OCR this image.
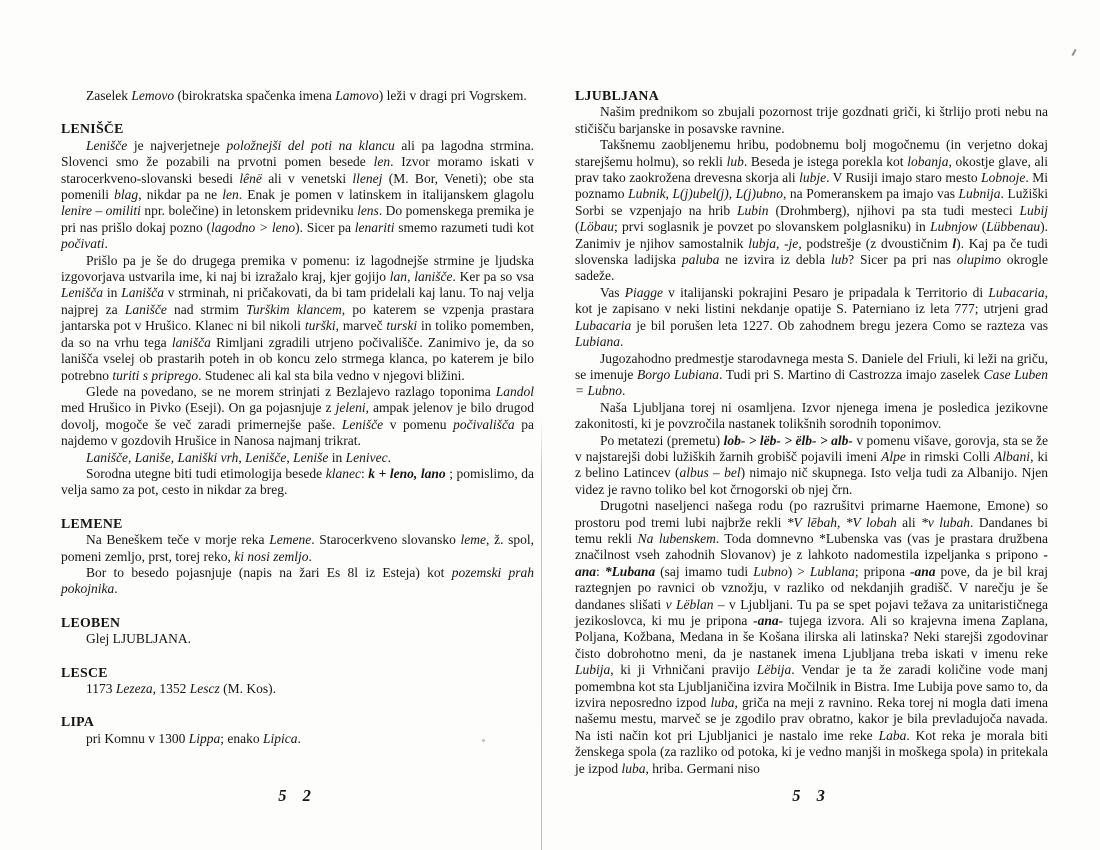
Zaselek Lemovo (birokratska spačenka imena Lamovo) leži v dragi pri Vogrskem.

LENIŠČE

Lenišče je najverjetneje položnejši del poti na klancu ali pa lagodna strmina. Slovenci smo že pozabili na prvotni pomen besede len. Izvor moramo iskati v starocerkveno-slovanski besedi lênë ali v venetski llenej (M. Bor, Veneti); obe sta pomenili blag, nikdar pa ne len. Enak je pomen v latinskem in italijanskem glagolu lenire – omiliti npr. bolečine) in letonskem pridevniku lens. Do pomenskega premika je pri nas prišlo dokaj pozno (lagodno > leno). Sicer pa lenariti smemo razumeti tudi kot počivati.

Prišlo pa je še do drugega premika v pomenu: iz lagodnejše strmine je ljudska izgovorjava ustvarila ime, ki naj bi izražalo kraj, kjer gojijo lan, lanišče. Ker pa so vsa Lenišča in Lanišča v strminah, ni pričakovati, da bi tam pridelali kaj lanu. To naj velja najprej za Lanišče nad strmim Turškim klancem, po katerem se vzpenja prastara jantarska pot v Hrušico. Klanec ni bil nikoli turški, marveč turski in toliko pomemben, da so na vrhu tega lanišča Rimljani zgradili utrjeno počivališče. Zanimivo je, da so lanišča vselej ob prastarih poteh in ob koncu zelo strmega klanca, po katerem je bilo potrebno turiti s priprego. Studenec ali kal sta bila vedno v njegovi bližini.

Glede na povedano, se ne morem strinjati z Bezlajevo razlago toponima Landol med Hrušico in Pivko (Eseji). On ga pojasnjuje z jeleni, ampak jelenov je bilo drugod dovolj, mogoče še več zaradi primernejše paše. Lenišče v pomenu počivališča pa najdemo v gozdovih Hrušice in Nanosa najmanj trikrat.

Lanišče, Laniše, Laniški vrh, Lenišče, Leniše in Lenivec.

Sorodna utegne biti tudi etimologija besede klanec: k + leno, lano ; pomislimo, da velja samo za pot, cesto in nikdar za breg.

LEMENE

Na Beneškem teče v morje reka Lemene. Starocerkveno slovansko leme, ž. spol, pomeni zemljo, prst, torej reko, ki nosi zemljo.

Bor to besedo pojasnjuje (napis na žari Es 8l iz Esteja) kot pozemski prah pokojnika.

LEOBEN

Glej LJUBLJANA.

LESCE

1173 Lezeza, 1352 Lescz (M. Kos).

LIPA

pri Komnu v 1300 Lippa; enako Lipica.

5 2
LJUBLJANA

Našim prednikom so zbujali pozornost trije gozdnati griči, ki štrlijo proti nebu na stičišču barjanske in posavske ravnine.

Takšnemu zaobljenemu hribu, podobnemu bolj mogočnemu (in verjetno dokaj starejšemu holmu), so rekli lub. Beseda je istega porekla kot lobanja, okostje glave, ali prav tako zaokrožena drevesna skorja ali lubje. V Rusiji imajo staro mesto Lobnoje. Mi poznamo Lubnik, L(j)ubel(j), L(j)ubno, na Pomeranskem pa imajo vas Lubnija. Lužiški Sorbi se vzpenjajo na hrib Lubin (Drohmberg), njihovi pa sta tudi mesteci Lubij (Löbau; prvi soglasnik je povzet po slovanskem polglasniku) in Lubnjow (Lübbenau). Zanimiv je njihov samostalnik lubja, -je, podstrešje (z dvoustičnim l). Kaj pa če tudi slovenska ladijska paluba ne izvira iz debla lub? Sicer pa pri nas olupimo okrogle sadeže.

Vas Piagge v italijanski pokrajini Pesaro je pripadala k Territorio di Lubacaria, kot je zapisano v neki listini nekdanje opatije S. Paterniano iz leta 777; utrjeni grad Lubacaria je bil porušen leta 1227. Ob zahodnem bregu jezera Como se razteza vas Lubiana.

Jugozahodno predmestje starodavnega mesta S. Daniele del Friuli, ki leži na griču, se imenuje Borgo Lubiana. Tudi pri S. Martino di Castrozza imajo zaselek Case Luben = Lubno.

Naša Ljubljana torej ni osamljena. Izvor njenega imena je posledica jezikovne zakonitosti, ki je povzročila nastanek tolikšnih sorodnih toponimov.

Po metatezi (premetu) lob- > lëb- > ëlb- > alb- v pomenu višave, gorovja, sta se že v najstarejši dobi lužiških žarnih grobišč pojavili imeni Alpe in rimski Colli Albani, ki z belino Latincev (albus – bel) nimajo nič skupnega. Isto velja tudi za Albanijo. Njen videz je ravno toliko bel kot črnogorski ob njej črn.

Drugotni naseljenci našega rodu (po razrušitvi primarne Haemone, Emone) so prostoru pod tremi lubi najbrže rekli *V lēbah, *V lobah ali *v lubah. Dandanes bi temu rekli Na lubenskem. Toda domnevno *Lubenska vas (vas je prastara družbena značilnost vseh zahodnih Slovanov) je z lahkoto nadomestila izpeljanka s pripono -ana: *Lubana (saj imamo tudi Lubno) > Lublana; pripona -ana pove, da je bil kraj raztegnjen po ravnici ob vznožju, v razliko od nekdanjih gradišč. V narečju je še dandanes slišati v Lëblan – v Ljubljani. Tu pa se spet pojavi težava za unitarističnega jezikoslovca, ki mu je pripona -ana- tujega izvora. Ali so krajevna imena Zaplana, Poljana, Kožbana, Medana in še Košana ilirska ali latinska? Neki starejši zgodovinar čisto dobrohotno meni, da je nastanek imena Ljubljana treba iskati v imenu reke Lubija, ki ji Vrhničani pravijo Lëbija. Vendar je ta že zaradi količine vode manj pomembna kot sta Ljubljaničina izvira Močilnik in Bistra. Ime Lubija pove samo to, da izvira neposredno izpod luba, griča na meji z ravnino. Reka torej ni mogla dati imena našemu mestu, marveč se je zgodilo prav obratno, kakor je bila prevladujoča navada. Na isti način kot pri Ljubljanici je nastalo ime reke Laba. Kot reka je morala biti ženskega spola (za razliko od potoka, ki je vedno manjši in moškega spola) in pritekala je izpod luba, hriba. Germani niso

5 3
